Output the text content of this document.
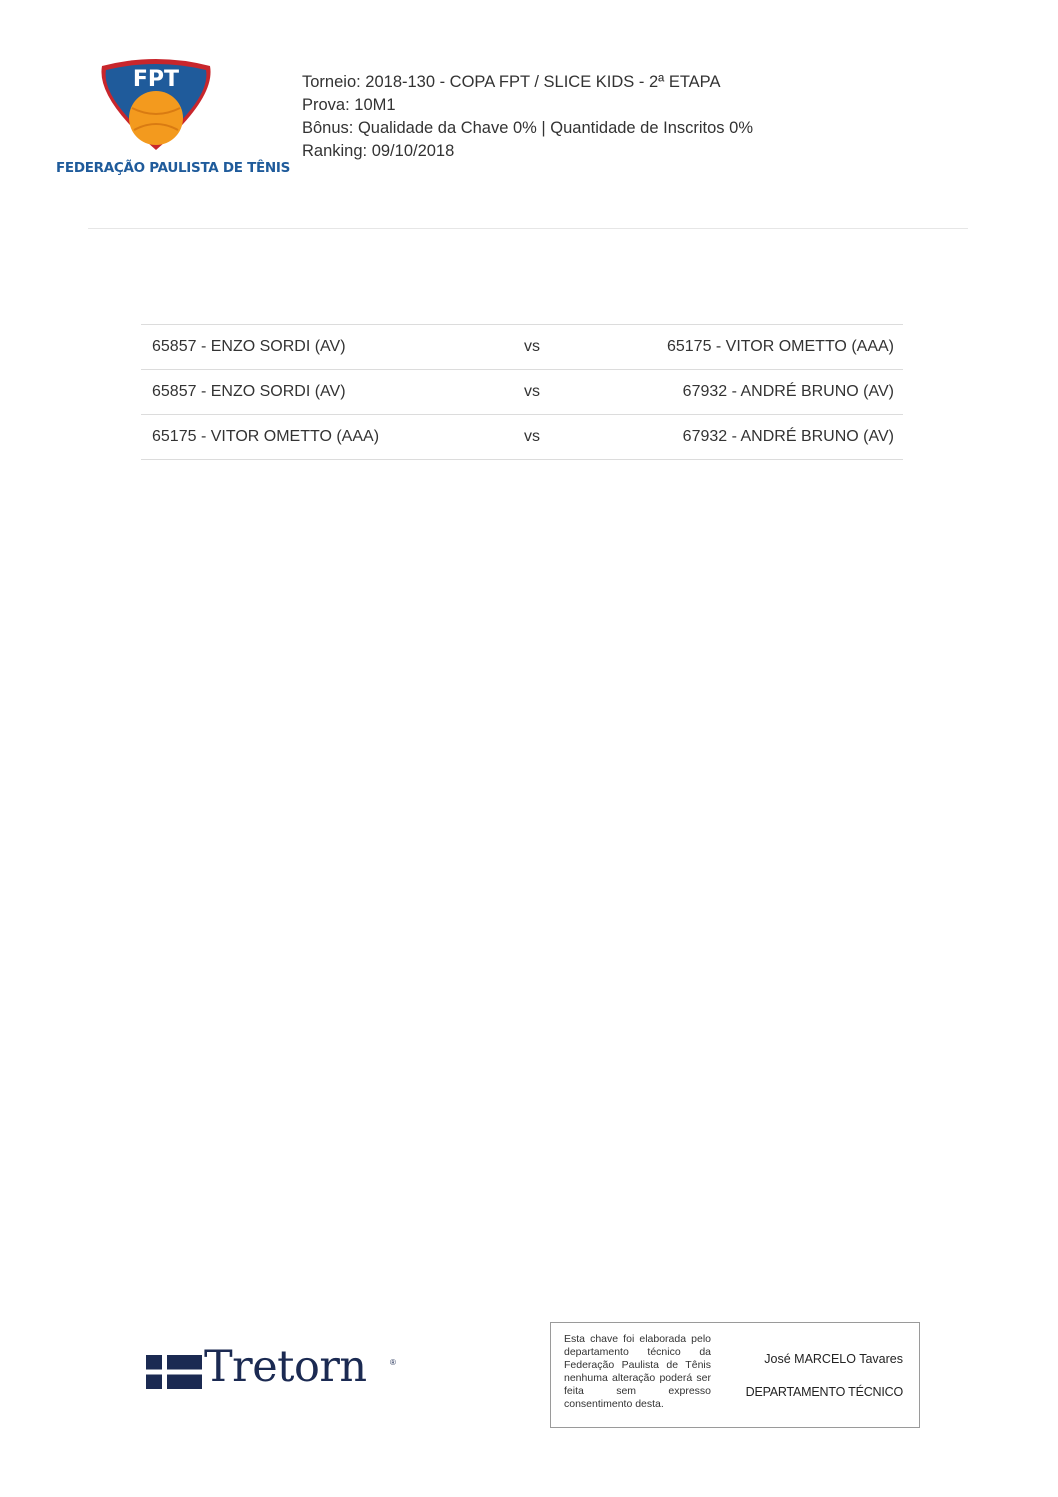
FPT
FEDERAÇÃO PAULISTA DE TÊNIS
Torneio: 2018-130 - COPA FPT / SLICE KIDS - 2ª ETAPA
Prova: 10M1
Bônus: Qualidade da Chave 0% | Quantidade de Inscritos 0%
Ranking: 09/10/2018
65857 - ENZO SORDI (AV)	vs	65175 - VITOR OMETTO (AAA)
65857 - ENZO SORDI (AV)	vs	67932 - ANDRÉ BRUNO (AV)
65175 - VITOR OMETTO (AAA)	vs	67932 - ANDRÉ BRUNO (AV)
Tretorn	®
Esta chave foi elaborada pelo departamento técnico da Federação Paulista de Tênis nenhuma alteração poderá ser feita sem expresso consentimento desta.
José MARCELO Tavares
DEPARTAMENTO TÉCNICO
